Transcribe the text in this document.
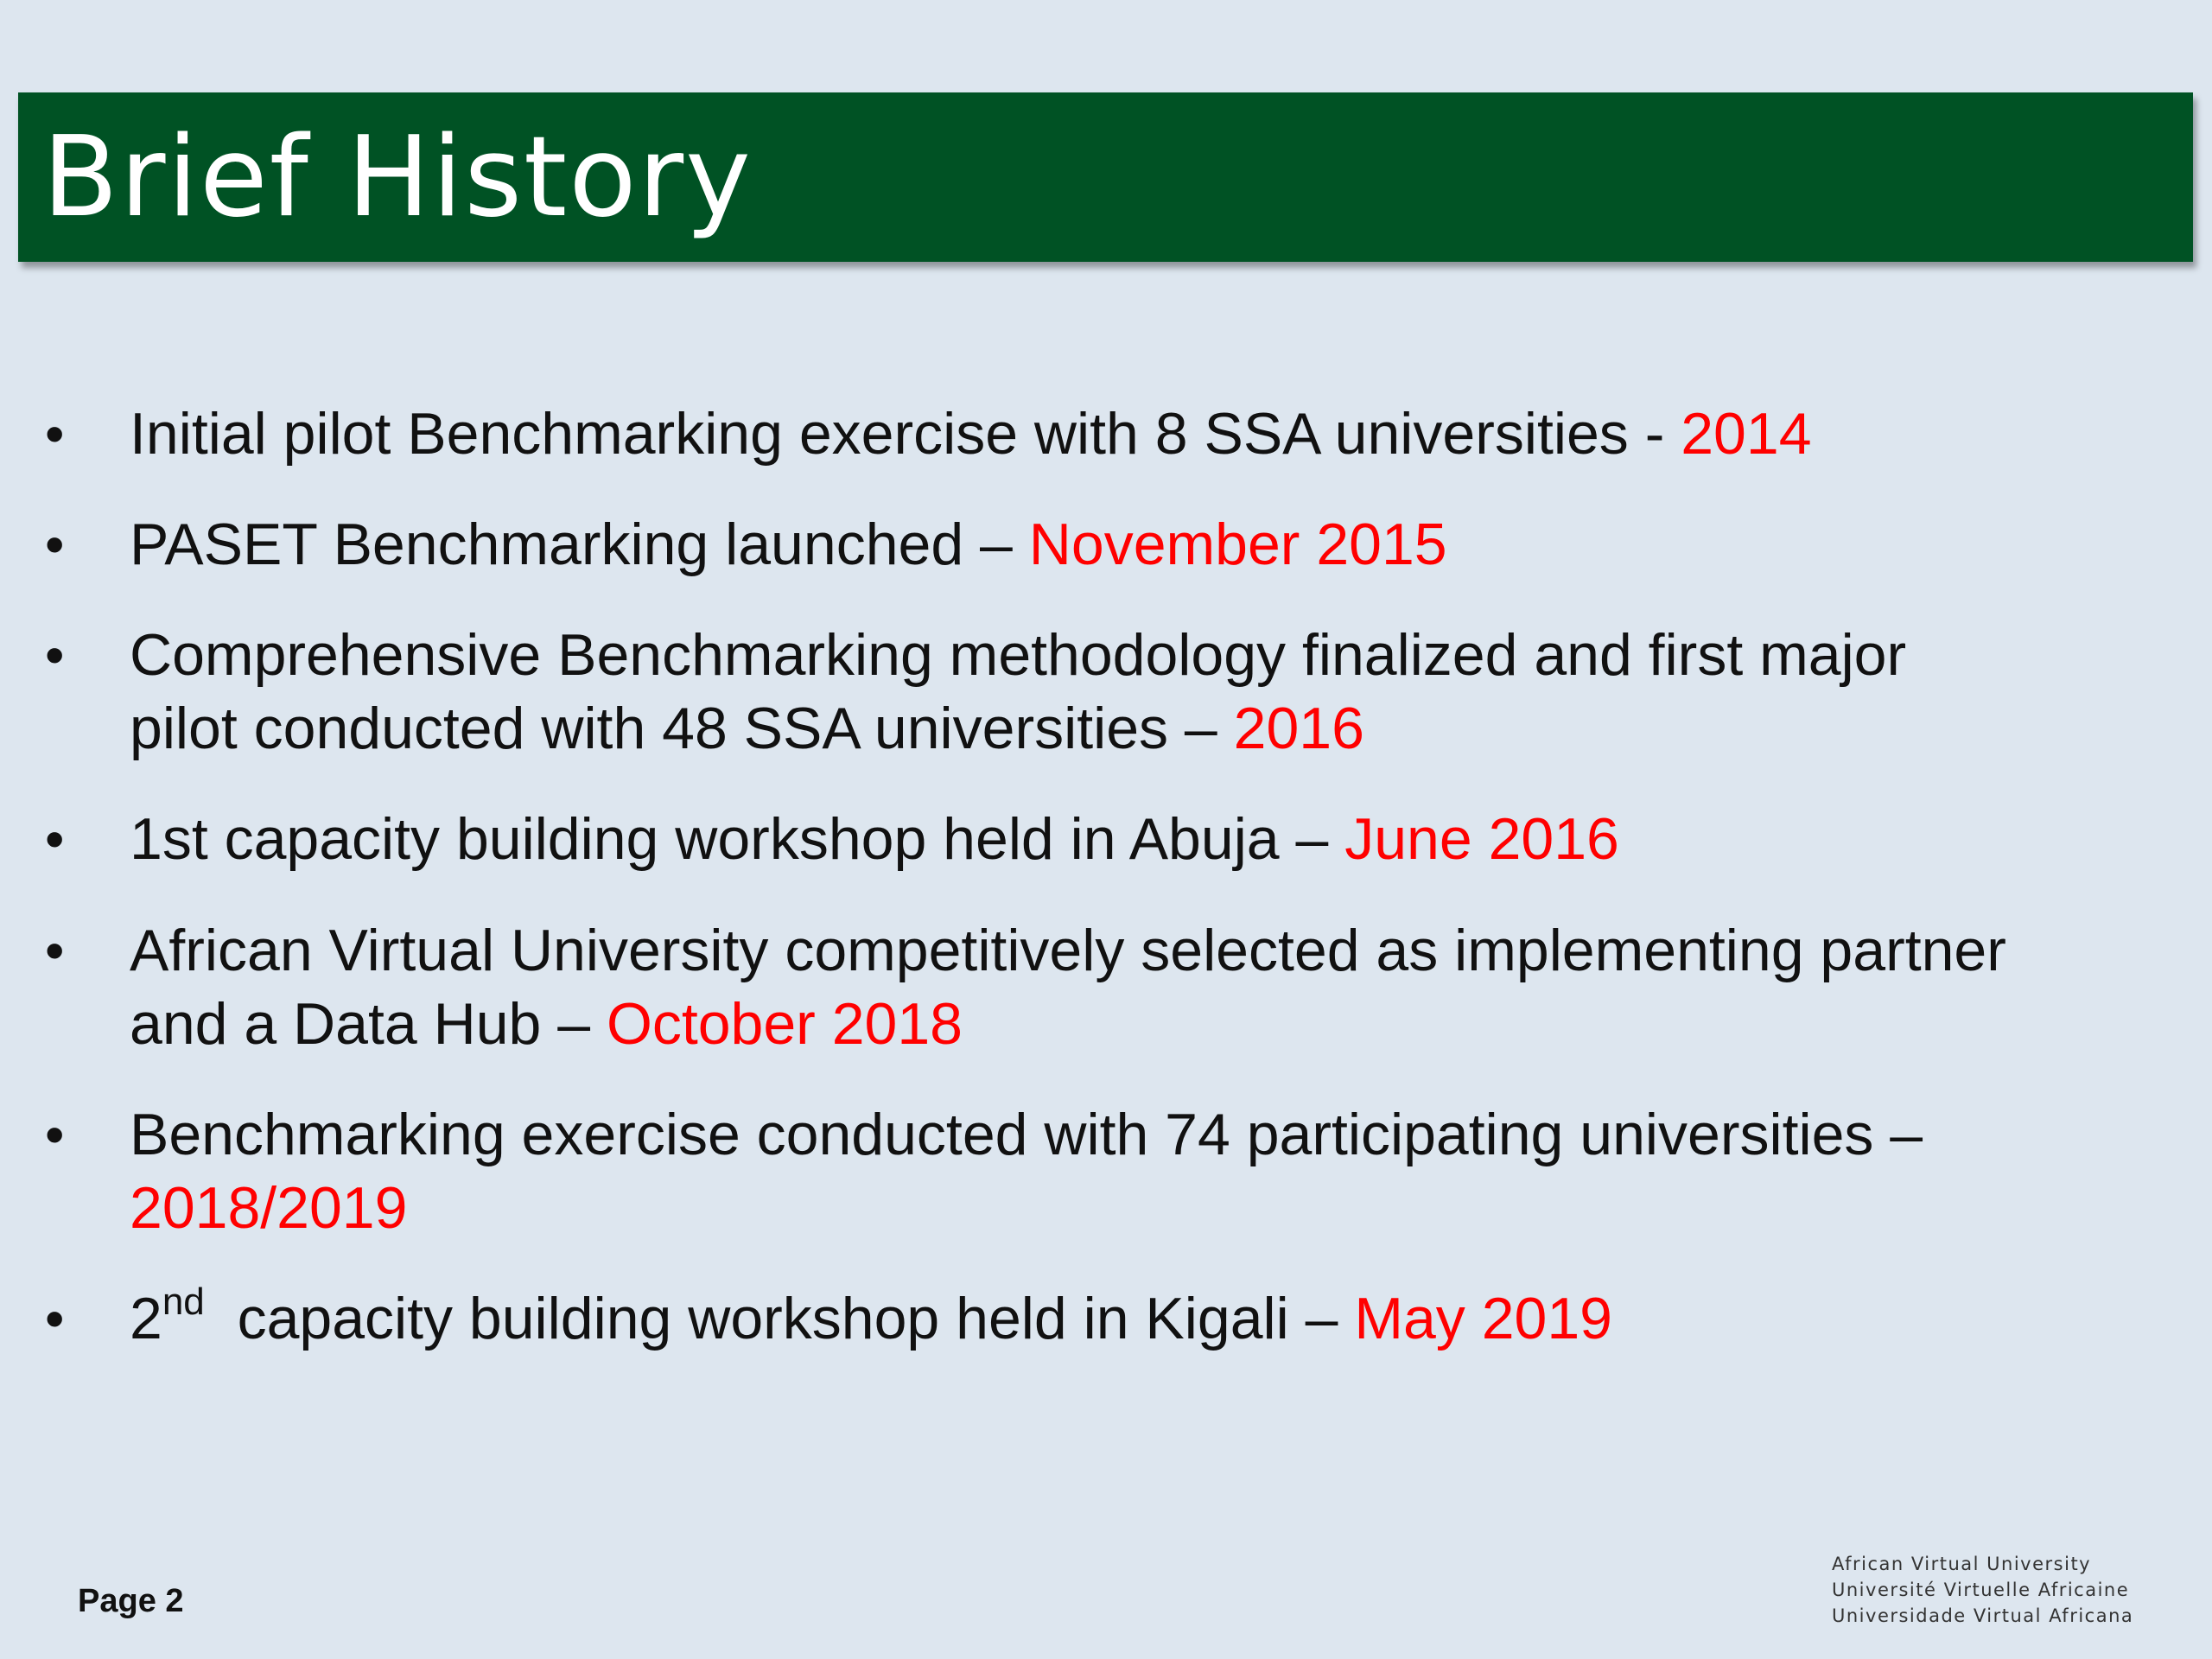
Brief History
• Initial pilot Benchmarking exercise with 8 SSA universities - 2014
• PASET Benchmarking launched – November 2015
• Comprehensive Benchmarking methodology finalized and first major
pilot conducted with 48 SSA universities – 2016
• 1st capacity building workshop held in Abuja – June 2016
• African Virtual University competitively selected as implementing partner
and a Data Hub – October 2018
• Benchmarking exercise conducted with 74 participating universities –
2018/2019
• 2nd  capacity building workshop held in Kigali – May 2019
Page 2
African Virtual University
Université Virtuelle Africaine
Universidade Virtual Africana
